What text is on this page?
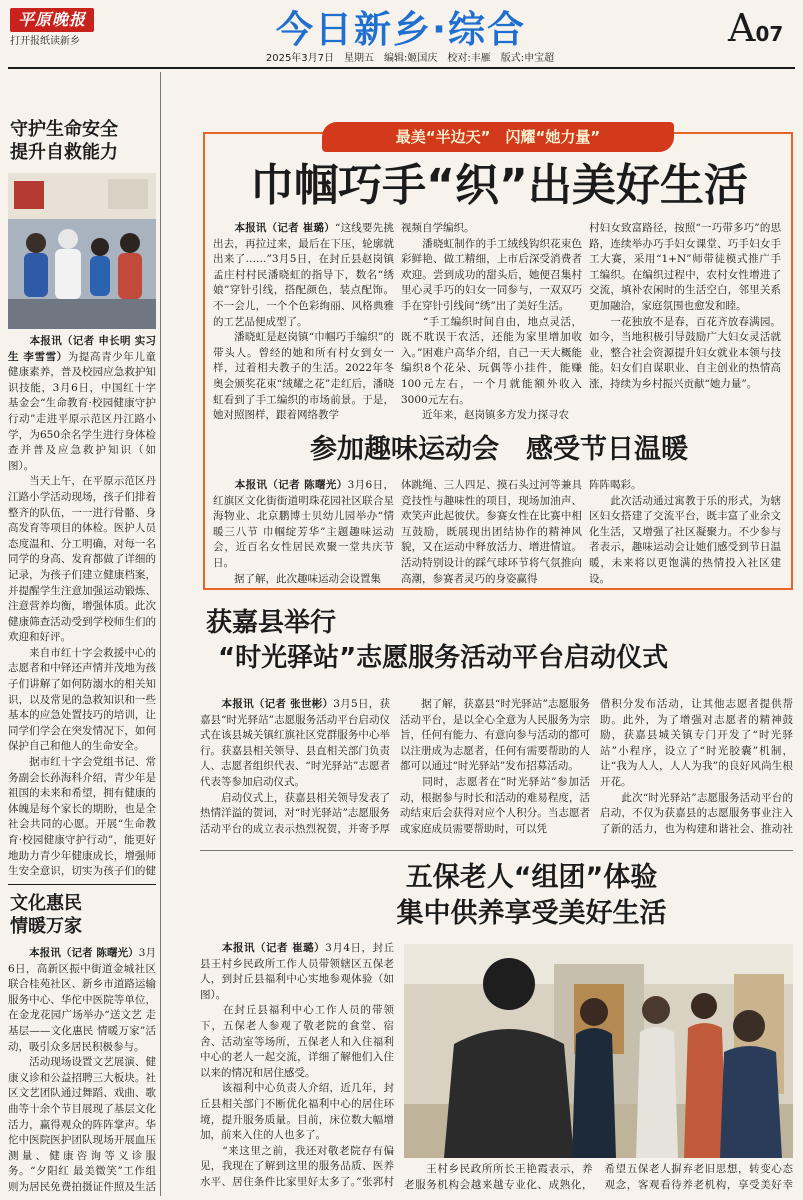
平原晚报
打开报纸读新乡	今日新乡·综合	A07
2025年3月7日　星期五　编辑:姬国庆　校对:丰雁　版式:申宝超
守护生命安全
提升自救能力
　　本报讯（记者 申长明 实习生 李雪雪）为提高青少年儿童健康素养，普及校园应急救护知识技能，3月6日，中国红十字基金会“生命教育·校园健康守护行动”走进平原示范区丹江路小学，为650余名学生进行身体检查并普及应急救护知识（如图）。
　　当天上午，在平原示范区丹江路小学活动现场，孩子们排着整齐的队伍，一一进行骨骼、身高发育等项目的体检。医护人员态度温和、分工明确，对每一名同学的身高、发育都做了详细的记录，为孩子们建立健康档案，并提醒学生注意加强运动锻炼、注意营养均衡，增强体质。此次健康筛查活动受到学校师生们的欢迎和好评。
　　来自市红十字会救援中心的志愿者和中铎还声情并茂地为孩子们讲解了如何防溺水的相关知识，以及常见的急救知识和一些基本的应急处置技巧的培训，让同学们学会在突发情况下，如何保护自己和他人的生命安全。
　　据市红十字会党组书记、常务副会长孙海科介绍，青少年是祖国的未来和希望，拥有健康的体魄是每个家长的期盼，也是全社会共同的心愿。开展“生命教育·校园健康守护行动”，能更好地助力青少年健康成长，增强师生安全意识，切实为孩子们的健
文化惠民
情暖万家
　　本报讯（记者 陈曙光）3月6日，高新区振中街道金城社区联合桂苑社区、新乡市道路运输服务中心、华佗中医院等单位，在金龙花园广场举办“送文艺 走基层——文化惠民 情暖万家”活动，吸引众多居民积极参与。
　　活动现场设置文艺展演、健康义诊和公益招聘三大板块。社区文艺团队通过舞蹈、戏曲、歌曲等十余个节目展现了基层文化活力，赢得观众的阵阵掌声。华佗中医院医护团队现场开展血压测量、健康咨询等义诊服务。“夕阳红 最美微笑”工作组则为居民免费拍摄证件照及生活

最美“半边天”　闪耀“她力量”
巾帼巧手“织”出美好生活
　　本报讯（记者 崔璐）“这线要先挑出去，再拉过来，最后在下压，轮廓就出来了……”3月5日，在封丘县赵岗镇孟庄村村民潘晓虹的指导下，数名“绣娘”穿针引线，搭配颜色，装点配饰。不一会儿，一个个色彩绚丽、风格典雅的工艺品便成型了。
　　潘晓虹是赵岗镇“巾帼巧手编织”的带头人。曾经的她和所有村女到女一样，过着相夫教子的生活。2022年冬奥会颁奖花束“绒耀之花”走红后，潘晓虹看到了手工编织的市场前景。于是，她对照图样，跟着网络教学
视频自学编织。
　　潘晓虹制作的手工绒线钩织花束色彩鲜艳、做工精细，上市后深受消费者欢迎。尝到成功的甜头后，她便召集村里心灵手巧的妇女一同参与，一双双巧手在穿针引线间“绣”出了美好生活。
　　“手工编织时间自由，地点灵活，既不耽误干农活，还能为家里增加收入。”困难户高华介绍，自己一天大概能编织8个花朵、玩偶等小挂件，能赚100元左右，一个月就能额外收入3000元左右。
　　近年来，赵岗镇多方发力探寻农
村妇女致富路径，按照“一巧带多巧”的思路，连续举办巧手妇女课堂、巧手妇女手工大赛，采用“1+N”师带徒模式推广手工编织。在编织过程中，农村女性增进了交流，填补农闲时的生活空白，邻里关系更加融洽，家庭氛围也愈发和睦。
　　一花独放不是春，百花齐放春满园。如今，当地积极引导鼓励广大妇女灵活就业，整合社会资源提升妇女就业本领与技能。妇女们自谋职业、自主创业的热情高涨，持续为乡村振兴贡献“她力量”。
参加趣味运动会　感受节日温暖
　　本报讯（记者 陈曙光）3月6日，红旗区文化街街道明珠花园社区联合星海物业、北京鹏博士贝幼儿园举办“情暖三八节 巾帼绽芳华”主题趣味运动会，近百名女性居民欢聚一堂共庆节日。
　　据了解，此次趣味运动会设置集
体跳绳、三人四足、摸石头过河等兼具竞技性与趣味性的项目，现场加油声、欢笑声此起彼伏。参赛女性在比赛中相互鼓励，既展现出团结协作的精神风貌，又在运动中释放活力、增进情谊。活动特别设计的踩气球环节将气氛推向高潮，参赛者灵巧的身姿赢得
阵阵喝彩。
　　此次活动通过寓教于乐的形式，为辖区妇女搭建了交流平台，既丰富了业余文化生活，又增强了社区凝聚力。不少参与者表示，趣味运动会让她们感受到节日温暖，未来将以更饱满的热情投入社区建设。
获嘉县举行
“时光驿站”志愿服务活动平台启动仪式
　　本报讯（记者 张世彬）3月5日，获嘉县“时光驿站”志愿服务活动平台启动仪式在该县城关镇红旗社区党群服务中心举行。获嘉县相关领导、县直相关部门负责人、志愿者组织代表、“时光驿站”志愿者代表等参加启动仪式。
　　启动仪式上，获嘉县相关领导发表了热情洋溢的贺词，对“时光驿站”志愿服务活动平台的成立表示热烈祝贺，并寄予厚
　　据了解，获嘉县“时光驿站”志愿服务活动平台，是以全心全意为人民服务为宗旨，任何有能力、有意向参与活动的都可以注册成为志愿者，任何有需要帮助的人都可以通过“时光驿站”发布招募活动。
　　同时，志愿者在“时光驿站”参加活动，根据参与时长和活动的难易程度，活动结束后会获得对应个人积分。当志愿者或家庭成员需要帮助时，可以凭
借积分发布活动，让其他志愿者提供帮助。此外，为了增强对志愿者的精神鼓励，获嘉县城关镇专门开发了“时光驿站”小程序，设立了“时光胶囊”机制，让“我为人人，人人为我”的良好风尚生根开花。
　　此次“时光驿站”志愿服务活动平台的启动，不仅为获嘉县的志愿服务事业注入了新的活力，也为构建和谐社会、推动社
五保老人“组团”体验
集中供养享受美好生活
　　本报讯（记者 崔璐）3月4日，封丘县王村乡民政所工作人员带领辖区五保老人，到封丘县福利中心实地参观体验（如图）。
　　在封丘县福利中心工作人员的带领下，五保老人参观了敬老院的食堂、宿舍、活动室等场所，五保老人和入住福利中心的老人一起交流，详细了解他们入住以来的情况和居住感受。
　　该福利中心负责人介绍，近几年，封丘县相关部门不断优化福利中心的居住环境，提升服务质量。目前，床位数大幅增加，前来入住的人也多了。
　　“来这里之前，我还对敬老院存有偏见，我现在了解到这里的服务品质、医养水平、居住条件比家里好太多了。”张郛村
　　王村乡民政所所长王艳霞表示，养老服务机构会越来越专业化、成熟化，希望五保老人摒弃老旧思想，转变心态观念，客观看待养老机构，享受美好幸
